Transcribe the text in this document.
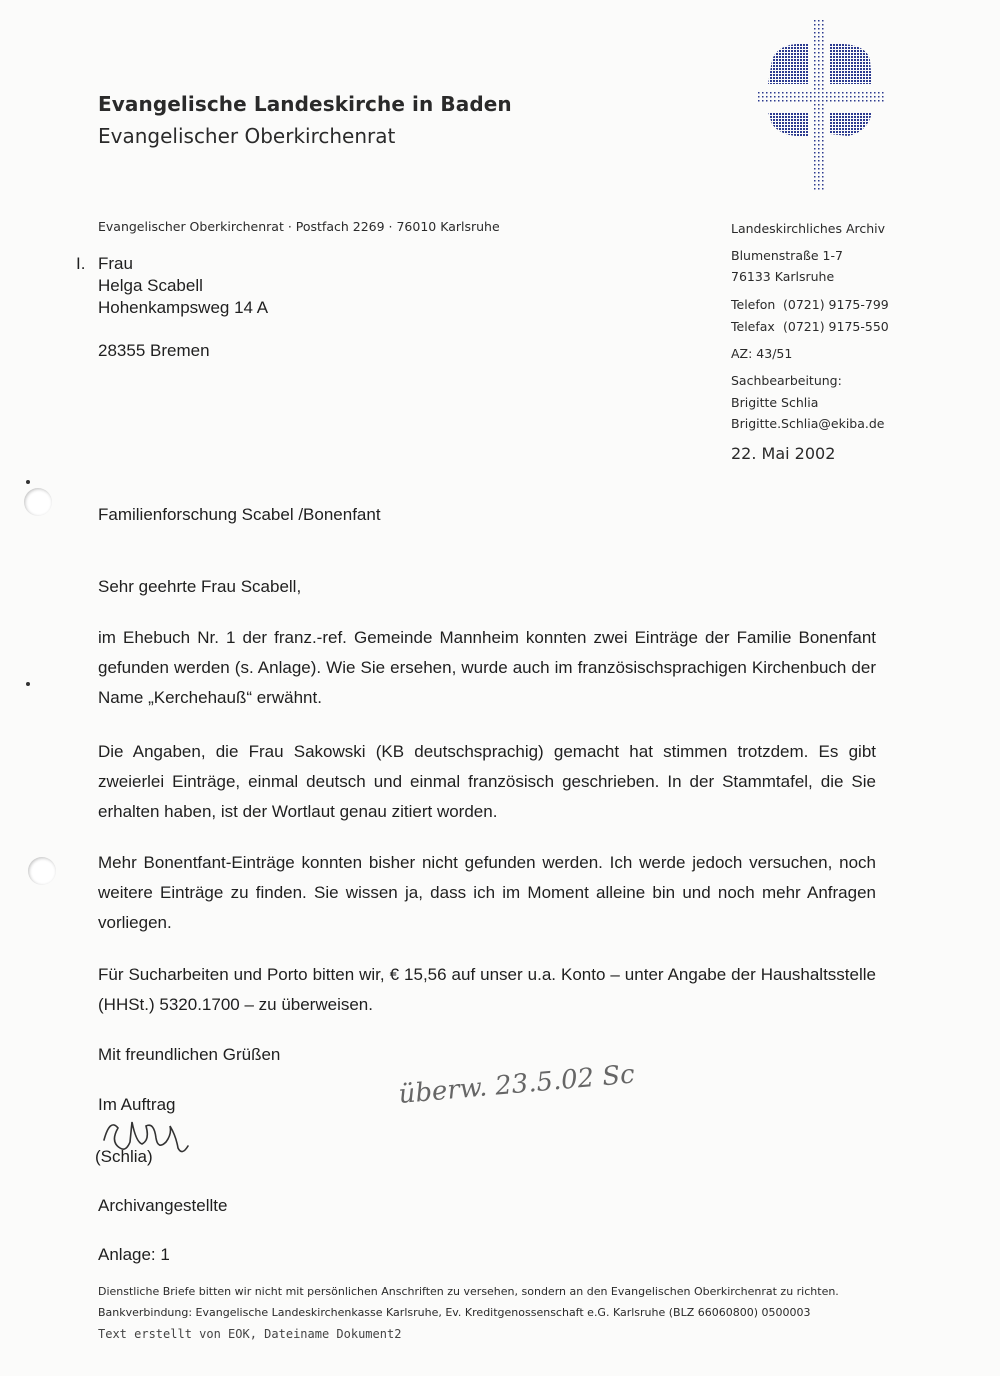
Evangelische Landeskirche in Baden
Evangelischer Oberkirchenrat
Evangelischer Oberkirchenrat · Postfach 2269 · 76010 Karlsruhe
I. Frau
Helga Scabell
Hohenkampsweg 14 A
28355 Bremen
Landeskirchliches Archiv
Blumenstraße 1-7
76133 Karlsruhe
Telefon (0721) 9175-799
Telefax (0721) 9175-550
AZ: 43/51
Sachbearbeitung:
Brigitte Schlia
Brigitte.Schlia@ekiba.de
22. Mai 2002
Familienforschung Scabel /Bonenfant
Sehr geehrte Frau Scabell,
im Ehebuch Nr. 1 der franz.-ref. Gemeinde Mannheim konnten zwei Einträge der Familie Bonenfant gefunden werden (s. Anlage). Wie Sie ersehen, wurde auch im französischsprachigen Kirchenbuch der Name „Kerchehauß“ erwähnt.
Die Angaben, die Frau Sakowski (KB deutschsprachig) gemacht hat stimmen trotzdem. Es gibt zweierlei Einträge, einmal deutsch und einmal französisch geschrieben. In der Stammtafel, die Sie erhalten haben, ist der Wortlaut genau zitiert worden.
Mehr Bonentfant-Einträge konnten bisher nicht gefunden werden. Ich werde jedoch versuchen, noch weitere Einträge zu finden. Sie wissen ja, dass ich im Moment alleine bin und noch mehr Anfragen vorliegen.
Für Sucharbeiten und Porto bitten wir, € 15,56 auf unser u.a. Konto – unter Angabe der Haushaltsstelle (HHSt.) 5320.1700 – zu überweisen.
Mit freundlichen Grüßen
Im Auftrag
(Schlia)
überw. 23.5.02 Sc
Archivangestellte
Anlage: 1
Dienstliche Briefe bitten wir nicht mit persönlichen Anschriften zu versehen, sondern an den Evangelischen Oberkirchenrat zu richten.
Bankverbindung: Evangelische Landeskirchenkasse Karlsruhe, Ev. Kreditgenossenschaft e.G. Karlsruhe (BLZ 66060800) 0500003
Text erstellt von EOK, Dateiname Dokument2
